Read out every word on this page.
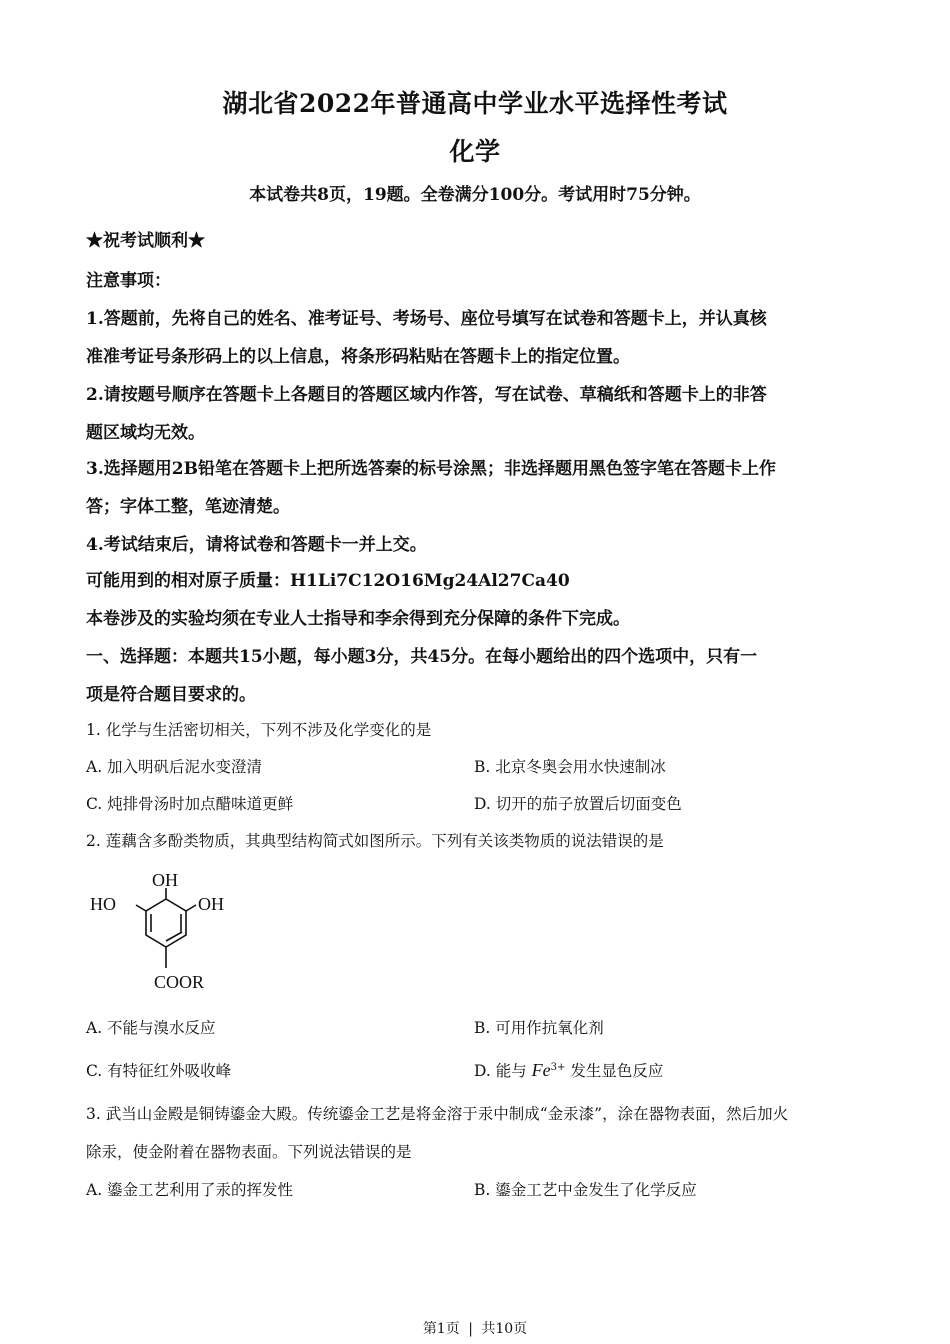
湖北省2022年普通高中学业水平选择性考试
化学
本试卷共8页，19题。全卷满分100分。考试用时75分钟。
★祝考试顺利★
注意事项：
1.答题前，先将自己的姓名、准考证号、考场号、座位号填写在试卷和答题卡上，并认真核
准准考证号条形码上的以上信息，将条形码粘贴在答题卡上的指定位置。
2.请按题号顺序在答题卡上各题目的答题区域内作答，写在试卷、草稿纸和答题卡上的非答
题区域均无效。
3.选择题用2B铅笔在答题卡上把所选答秦的标号涂黑；非选择题用黑色签字笔在答题卡上作
答；字体工整，笔迹清楚。
4.考试结束后，请将试卷和答题卡一并上交。
可能用到的相对原子质量：H1Li7C12O16Mg24Al27Ca40
本卷涉及的实验均须在专业人士指导和李余得到充分保障的条件下完成。
一、选择题：本题共15小题，每小题3分，共45分。在每小题给出的四个选项中，只有一
项是符合题目要求的。
1. 化学与生活密切相关，下列不涉及化学变化的是
A. 加入明矾后泥水变澄清	B. 北京冬奥会用水快速制冰
C. 炖排骨汤时加点醋味道更鲜	D. 切开的茄子放置后切面变色
2. 莲藕含多酚类物质，其典型结构简式如图所示。下列有关该类物质的说法错误的是
OH
HO	OH
COOR
A. 不能与溴水反应	B. 可用作抗氧化剂
C. 有特征红外吸收峰	D. 能与 $Fe^{3+}$ 发生显色反应
3. 武当山金殿是铜铸鎏金大殿。传统鎏金工艺是将金溶于汞中制成“金汞漆”，涂在器物表面，然后加火
除汞，使金附着在器物表面。下列说法错误的是
A. 鎏金工艺利用了汞的挥发性	B. 鎏金工艺中金发生了化学反应
第1页 | 共10页
